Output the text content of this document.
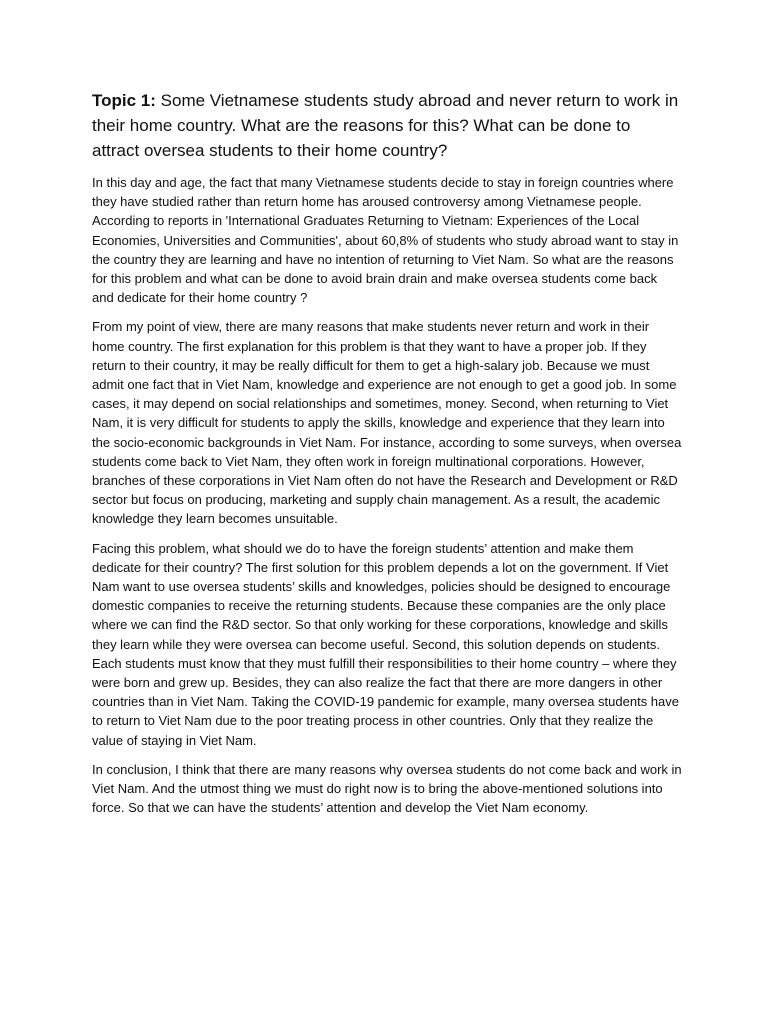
Topic 1: Some Vietnamese students study abroad and never return to work in their home country. What are the reasons for this? What can be done to attract oversea students to their home country?

In this day and age, the fact that many Vietnamese students decide to stay in foreign countries where they have studied rather than return home has aroused controversy among Vietnamese people. According to reports in 'International Graduates Returning to Vietnam: Experiences of the Local Economies, Universities and Communities', about 60,8% of students who study abroad want to stay in the country they are learning and have no intention of returning to Viet Nam. So what are the reasons for this problem and what can be done to avoid brain drain and make oversea students come back and dedicate for their home country ?

From my point of view, there are many reasons that make students never return and work in their home country. The first explanation for this problem is that they want to have a proper job. If they return to their country, it may be really difficult for them to get a high-salary job. Because we must admit one fact that in Viet Nam, knowledge and experience are not enough to get a good job. In some cases, it may depend on social relationships and sometimes, money. Second, when returning to Viet Nam, it is very difficult for students to apply the skills, knowledge and experience that they learn into the socio-economic backgrounds in Viet Nam. For instance, according to some surveys, when oversea students come back to Viet Nam, they often work in foreign multinational corporations. However, branches of these corporations in Viet Nam often do not have the Research and Development or R&D sector but focus on producing, marketing and supply chain management. As a result, the academic knowledge they learn becomes unsuitable.

Facing this problem, what should we do to have the foreign students’ attention and make them dedicate for their country? The first solution for this problem depends a lot on the government. If Viet Nam want to use oversea students’ skills and knowledges, policies should be designed to encourage domestic companies to receive the returning students. Because these companies are the only place where we can find the R&D sector. So that only working for these corporations, knowledge and skills they learn while they were oversea can become useful. Second, this solution depends on students. Each students must know that they must fulfill their responsibilities to their home country – where they were born and grew up. Besides, they can also realize the fact that there are more dangers in other countries than in Viet Nam. Taking the COVID-19 pandemic for example, many oversea students have to return to Viet Nam due to the poor treating process in other countries. Only that they realize the value of staying in Viet Nam.

In conclusion, I think that there are many reasons why oversea students do not come back and work in Viet Nam. And the utmost thing we must do right now is to bring the above-mentioned solutions into force. So that we can have the students’ attention and develop the Viet Nam economy.
